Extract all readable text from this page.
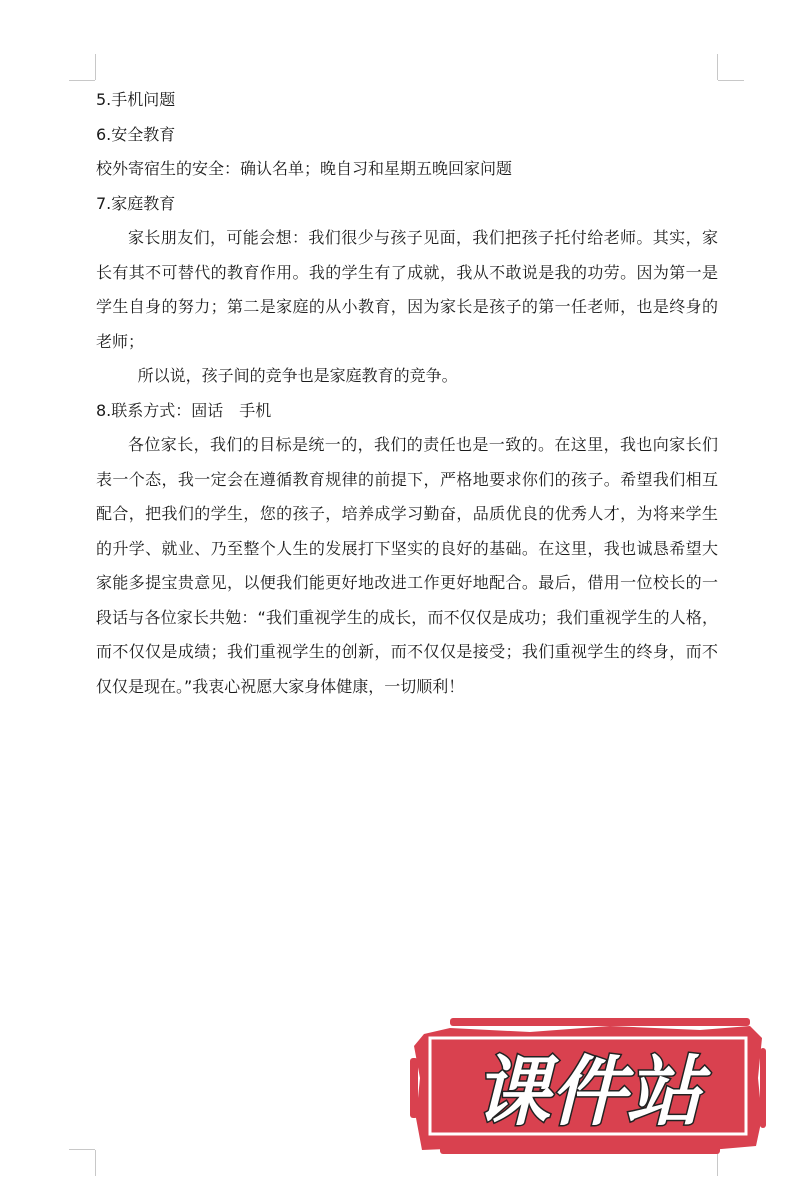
5.手机问题
6.安全教育
校外寄宿生的安全：确认名单；晚自习和星期五晚回家问题
7.家庭教育

家长朋友们，可能会想：我们很少与孩子见面，我们把孩子托付给老师。其实，家长有其不可替代的教育作用。我的学生有了成就，我从不敢说是我的功劳。因为第一是学生自身的努力；第二是家庭的从小教育，因为家长是孩子的第一任老师，也是终身的老师；

所以说，孩子间的竞争也是家庭教育的竞争。

8.联系方式：固话　手机

各位家长，我们的目标是统一的，我们的责任也是一致的。在这里，我也向家长们表一个态，我一定会在遵循教育规律的前提下，严格地要求你们的孩子。希望我们相互配合，把我们的学生，您的孩子，培养成学习勤奋，品质优良的优秀人才，为将来学生的升学、就业、乃至整个人生的发展打下坚实的良好的基础。在这里，我也诚恳希望大家能多提宝贵意见，以便我们能更好地改进工作更好地配合。最后，借用一位校长的一段话与各位家长共勉：“我们重视学生的成长，而不仅仅是成功；我们重视学生的人格，而不仅仅是成绩；我们重视学生的创新，而不仅仅是接受；我们重视学生的终身，而不仅仅是现在。”我衷心祝愿大家身体健康，一切顺利！

课件站
